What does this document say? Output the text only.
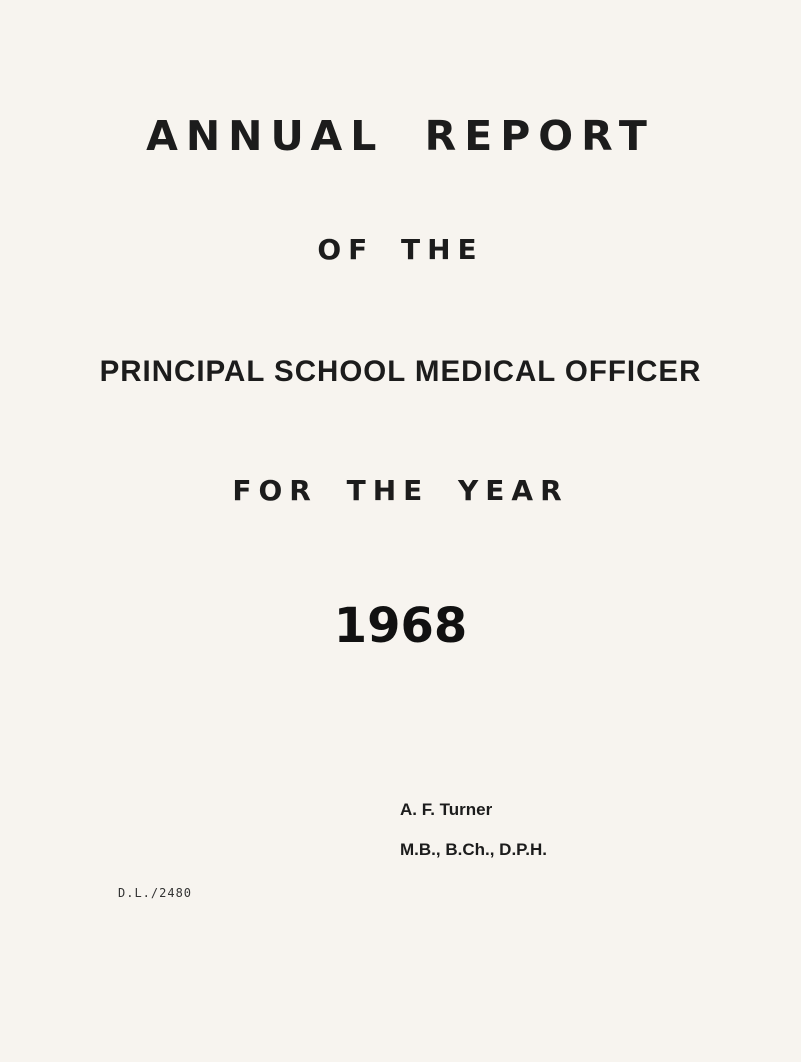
ANNUAL REPORT
OF THE
PRINCIPAL SCHOOL MEDICAL OFFICER
FOR THE YEAR
1968
A. F. Turner
M.B., B.Ch., D.P.H.
D.L./2480
